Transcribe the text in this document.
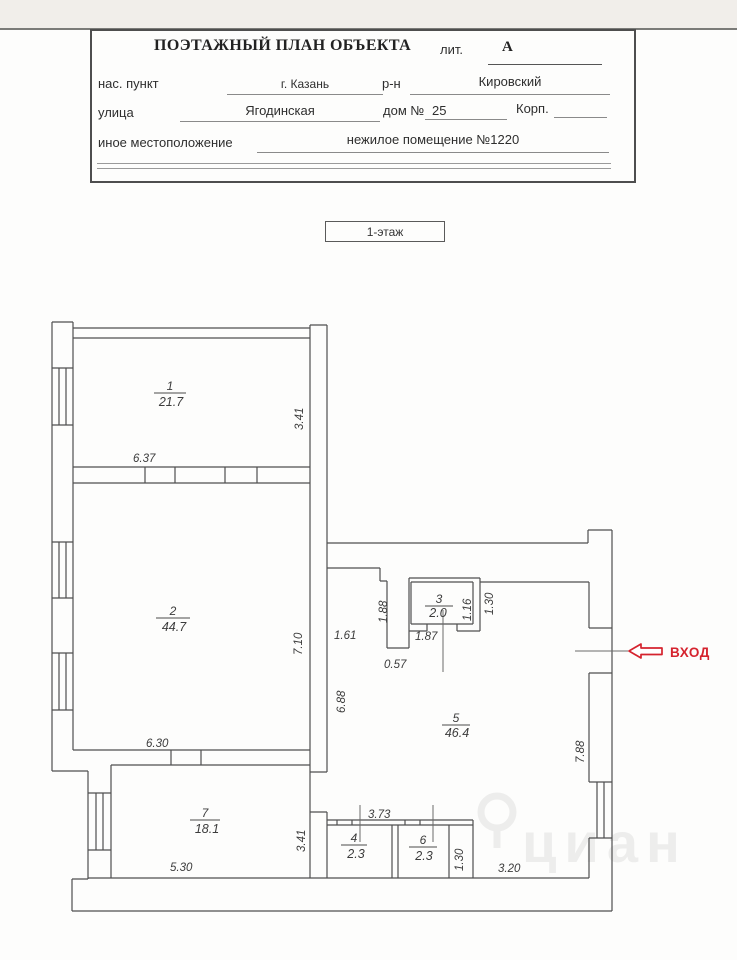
ПОЭТАЖНЫЙ ПЛАН ОБЪЕКТА лит.	А
нас. пункт	г. Казань	р-н	Кировский
улица	Ягодинская	дом № 25	Корп.
иное местоположение	нежилое помещение №1220
1-этаж
циан
1
21.7
2
44.7
3
2.0
4
2.3
5
46.4
6
2.3
7
18.1
6.37
3.41
7.10
6.30
5.30
3.41
1.88
1.61
0.57
1.87
1.16 1.30
6.88
7.88
3.73
1.30	3.20
ВХОД
